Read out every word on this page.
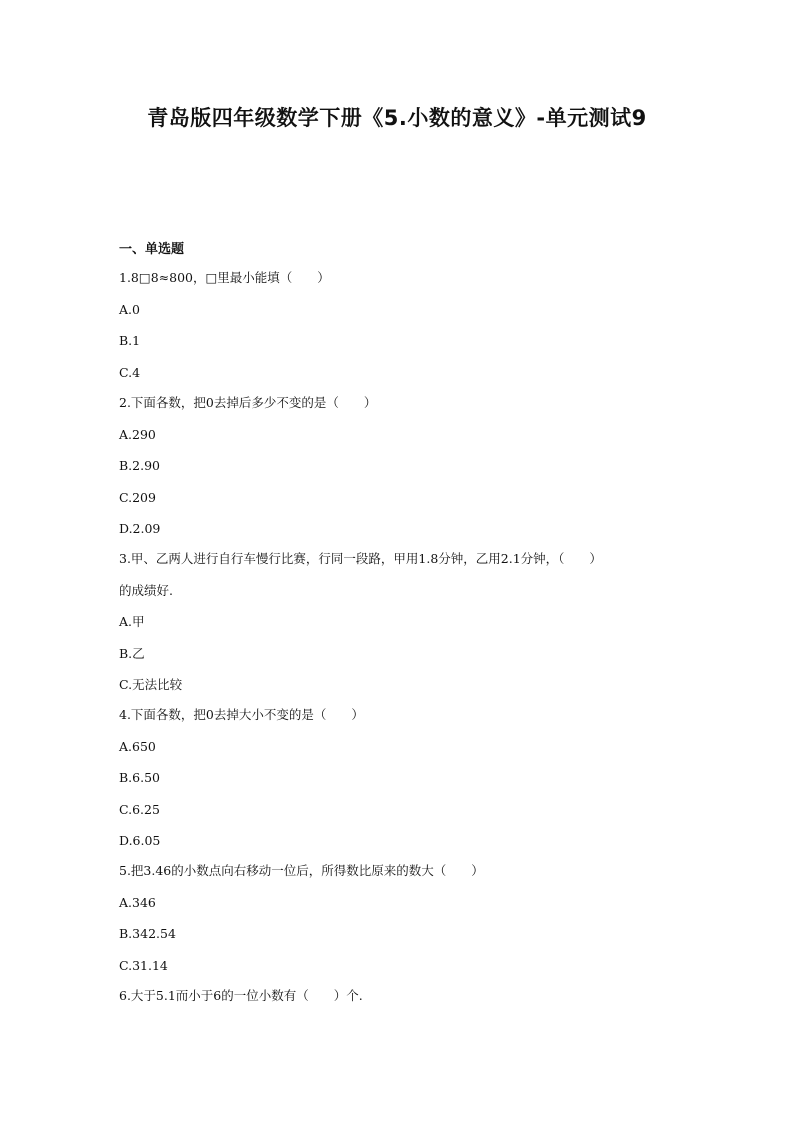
青岛版四年级数学下册《5.小数的意义》-单元测试9
一、单选题
1.8□8≈800，□里最小能填（　　）
A.0
B.1
C.4
2.下面各数，把0去掉后多少不变的是（　　）
A.290
B.2.90
C.209
D.2.09
3.甲、乙两人进行自行车慢行比赛，行同一段路，甲用1.8分钟，乙用2.1分钟，（　　）
的成绩好.
A.甲
B.乙
C.无法比较
4.下面各数，把0去掉大小不变的是（　　）
A.650
B.6.50
C.6.25
D.6.05
5.把3.46的小数点向右移动一位后，所得数比原来的数大（　　）
A.346
B.342.54
C.31.14
6.大于5.1而小于6的一位小数有（　　）个.
